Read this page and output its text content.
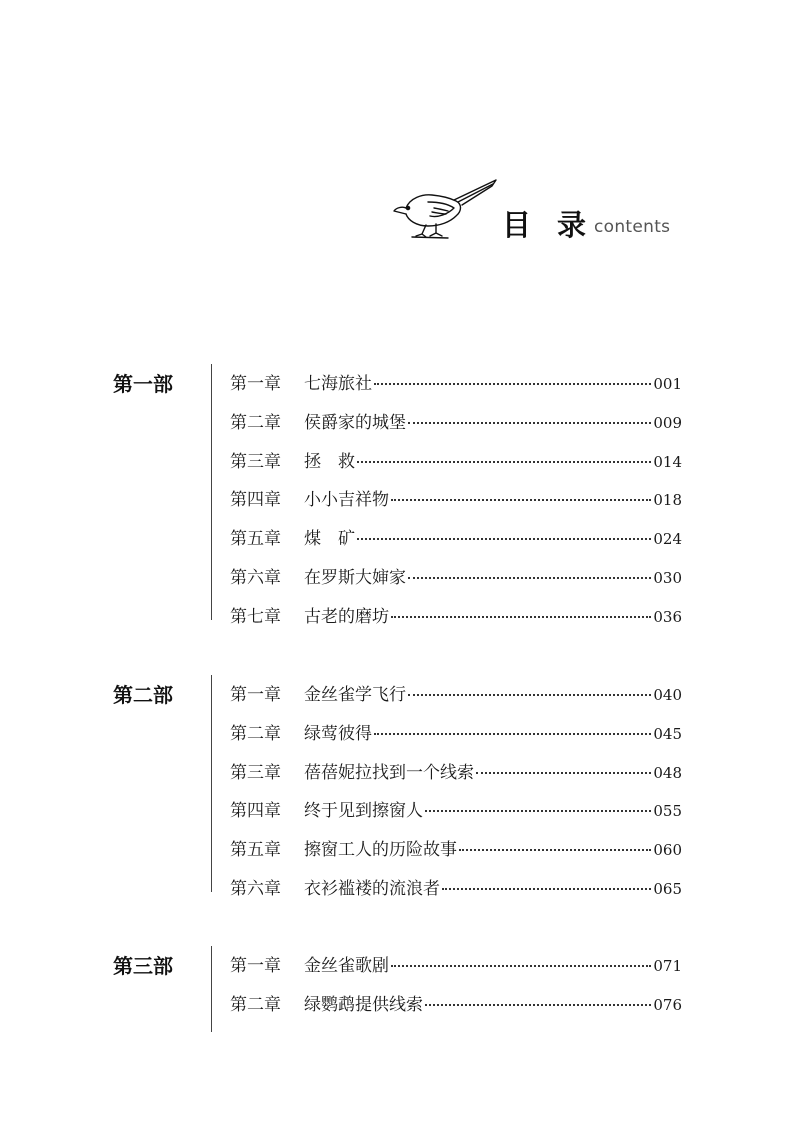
目 录 contents
第一部	第一章	七海旅社	001
第二章	侯爵家的城堡	009
第三章	拯　救	014
第四章	小小吉祥物	018
第五章	煤　矿	024
第六章	在罗斯大婶家	030
第七章	古老的磨坊	036
第二部	第一章	金丝雀学飞行	040
第二章	绿莺彼得	045
第三章	蓓蓓妮拉找到一个线索	048
第四章	终于见到擦窗人	055
第五章	擦窗工人的历险故事	060
第六章	衣衫褴褛的流浪者	065
第三部	第一章	金丝雀歌剧	071
第二章	绿鹦鹉提供线索	076
